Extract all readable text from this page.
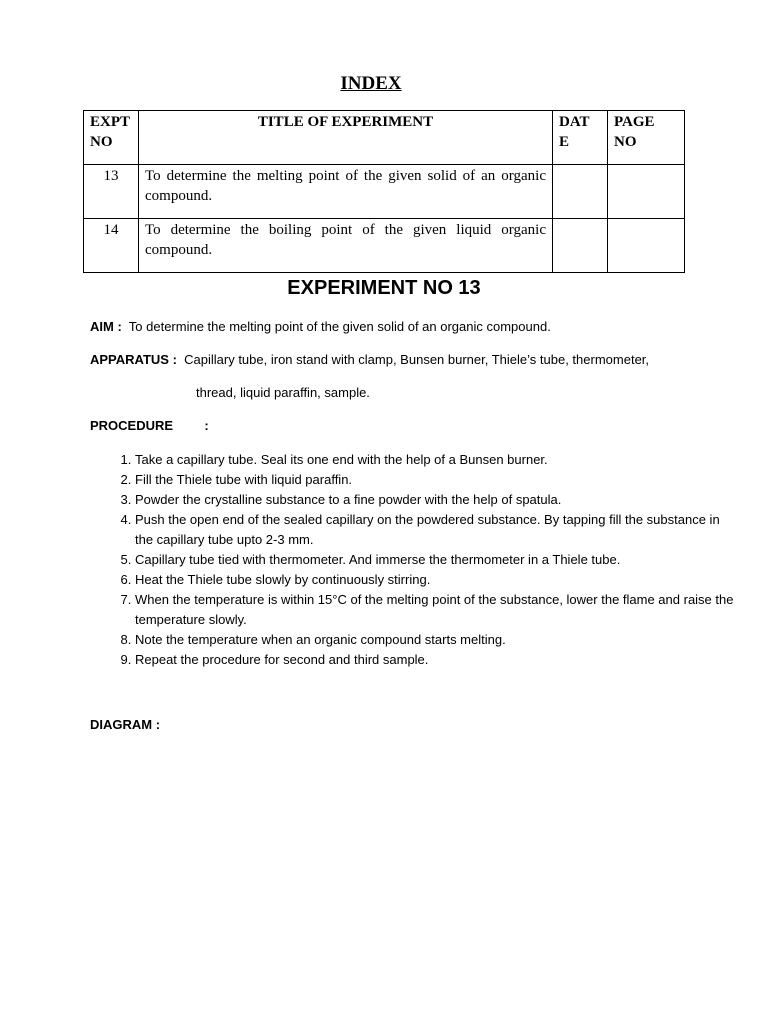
INDEX
EXPT NO	TITLE OF EXPERIMENT	DAT E	PAGE NO
13	To determine the melting point of the given solid of an organic compound.		
14	To determine the boiling point of the given liquid organic compound.		
EXPERIMENT NO 13
AIM : To determine the melting point of the given solid of an organic compound.
APPARATUS : Capillary tube, iron stand with clamp, Bunsen burner, Thiele’s tube, thermometer,
thread, liquid paraffin, sample.
PROCEDURE :
1. Take a capillary tube. Seal its one end with the help of a Bunsen burner.
2. Fill the Thiele tube with liquid paraffin.
3. Powder the crystalline substance to a fine powder with the help of spatula.
4. Push the open end of the sealed capillary on the powdered substance. By tapping fill the substance in the capillary tube upto 2-3 mm.
5. Capillary tube tied with thermometer. And immerse the thermometer in a Thiele tube.
6. Heat the Thiele tube slowly by continuously stirring.
7. When the temperature is within 15°C of the melting point of the substance, lower the flame and raise the temperature slowly.
8. Note the temperature when an organic compound starts melting.
9. Repeat the procedure for second and third sample.
DIAGRAM :
